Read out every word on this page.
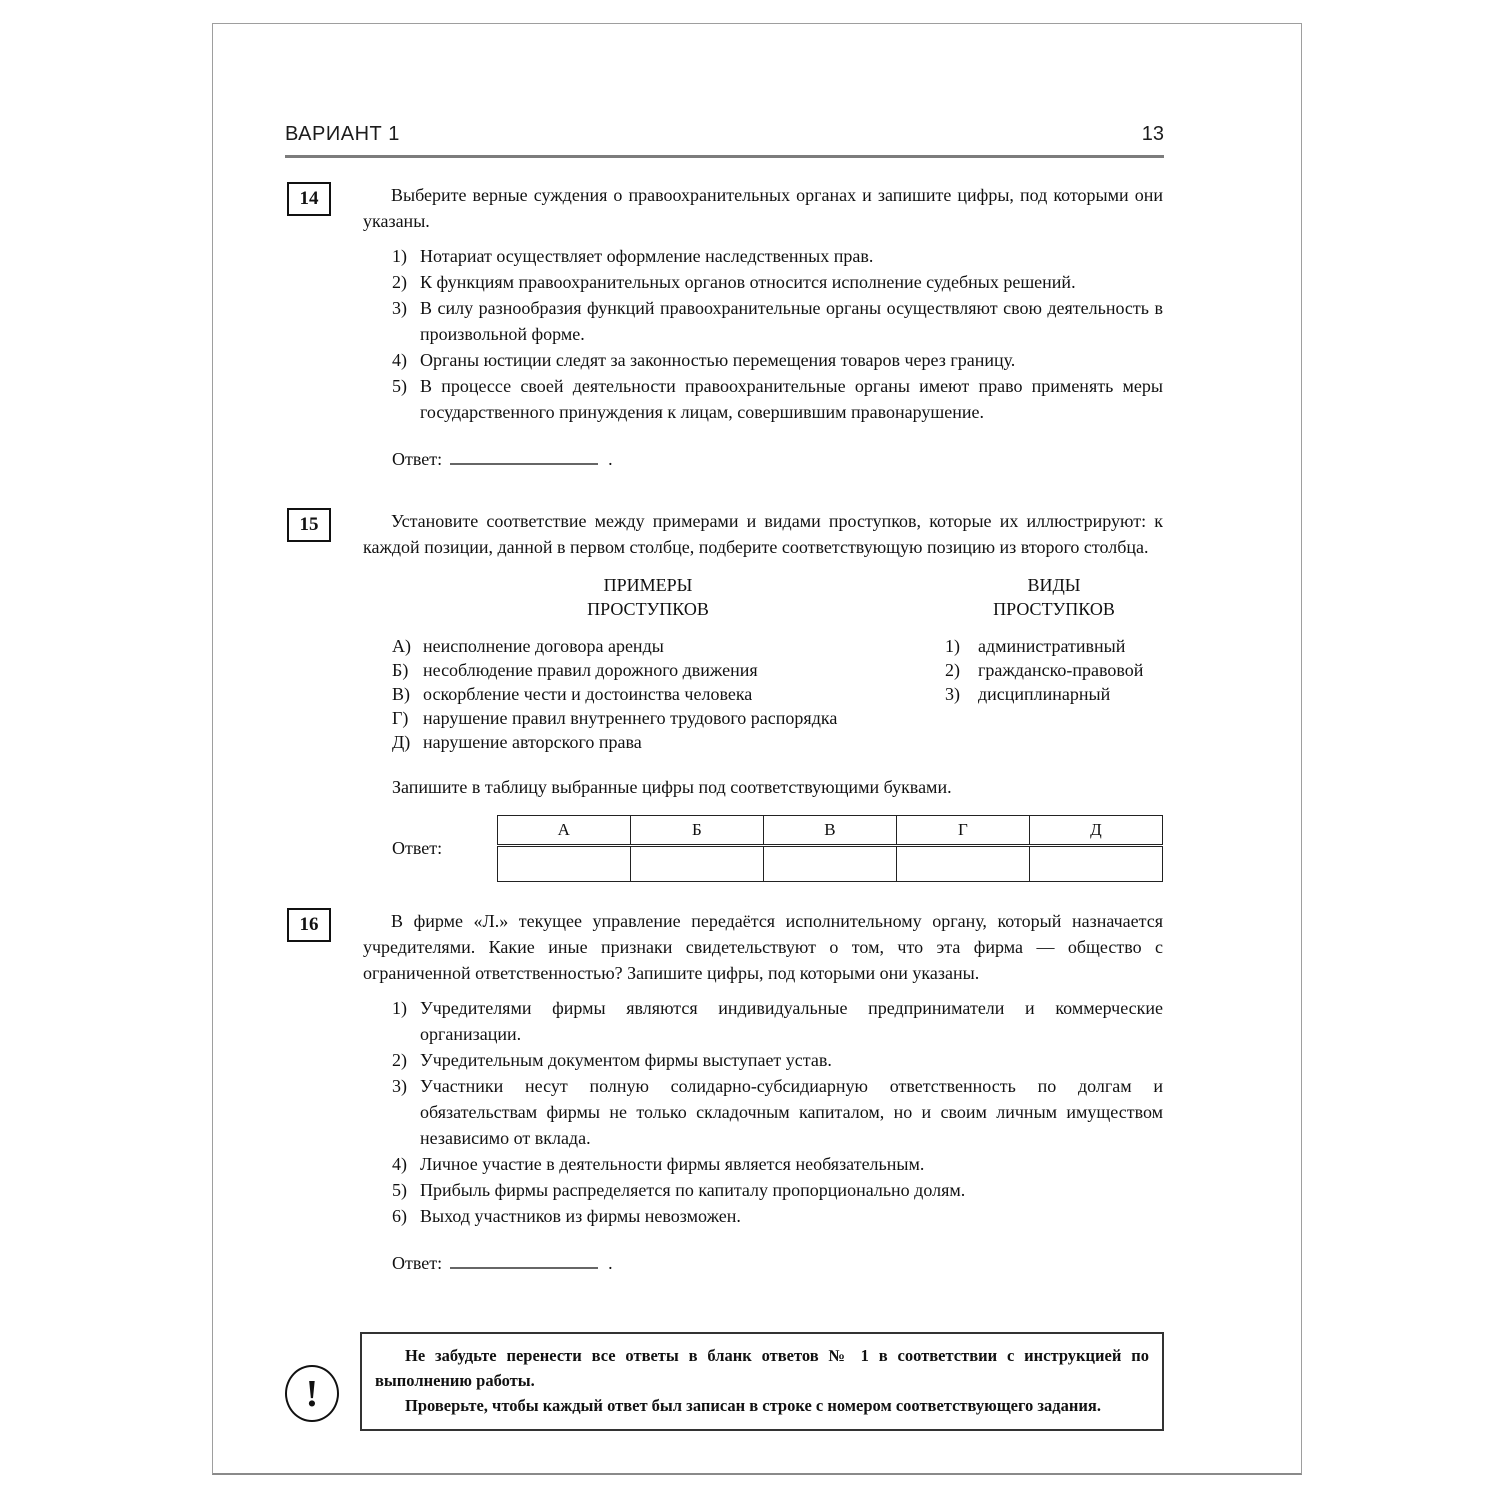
ВАРИАНТ 1	13
14	Выберите верные суждения о правоохранительных органах и запишите цифры, под которыми они указаны.

1) Нотариат осуществляет оформление наследственных прав.
2) К функциям правоохранительных органов относится исполнение судебных решений.
3) В силу разнообразия функций правоохранительные органы осуществляют свою деятельность в произвольной форме.
4) Органы юстиции следят за законностью перемещения товаров через границу.
5) В процессе своей деятельности правоохранительные органы имеют право применять меры государственного принуждения к лицам, совершившим правонарушение.
Ответ:	.
15	Установите соответствие между примерами и видами проступков, которые их иллюстрируют: к каждой позиции, данной в первом столбце, подберите соответствующую позицию из второго столбца.

ПРИМЕРЫ
ПРОСТУПКОВ
А) неисполнение договора аренды
Б) несоблюдение правил дорожного движения
В) оскорбление чести и достоинства человека
Г) нарушение правил внутреннего трудового распорядка
Д) нарушение авторского права
ВИДЫ
ПРОСТУПКОВ
1) административный
2) гражданско-правовой
3) дисциплинарный

Запишите в таблицу выбранные цифры под соответствующими буквами.

Ответ:
А	Б	В	Г	Д

16	В фирме «Л.» текущее управление передаётся исполнительному органу, который назначается учредителями. Какие иные признаки свидетельствуют о том, что эта фирма — общество с ограниченной ответственностью? Запишите цифры, под которыми они указаны.

1) Учредителями фирмы являются индивидуальные предприниматели и коммерческие организации.
2) Учредительным документом фирмы выступает устав.
3) Участники несут полную солидарно-субсидиарную ответственность по долгам и обязательствам фирмы не только складочным капиталом, но и своим личным имуществом независимо от вклада.
4) Личное участие в деятельности фирмы является необязательным.
5) Прибыль фирмы распределяется по капиталу пропорционально долям.
6) Выход участников из фирмы невозможен.
Ответ:	.
!

Не забудьте перенести все ответы в бланк ответов № 1 в соответствии с инструкцией по выполнению работы.

Проверьте, чтобы каждый ответ был записан в строке с номером соответствующего задания.
